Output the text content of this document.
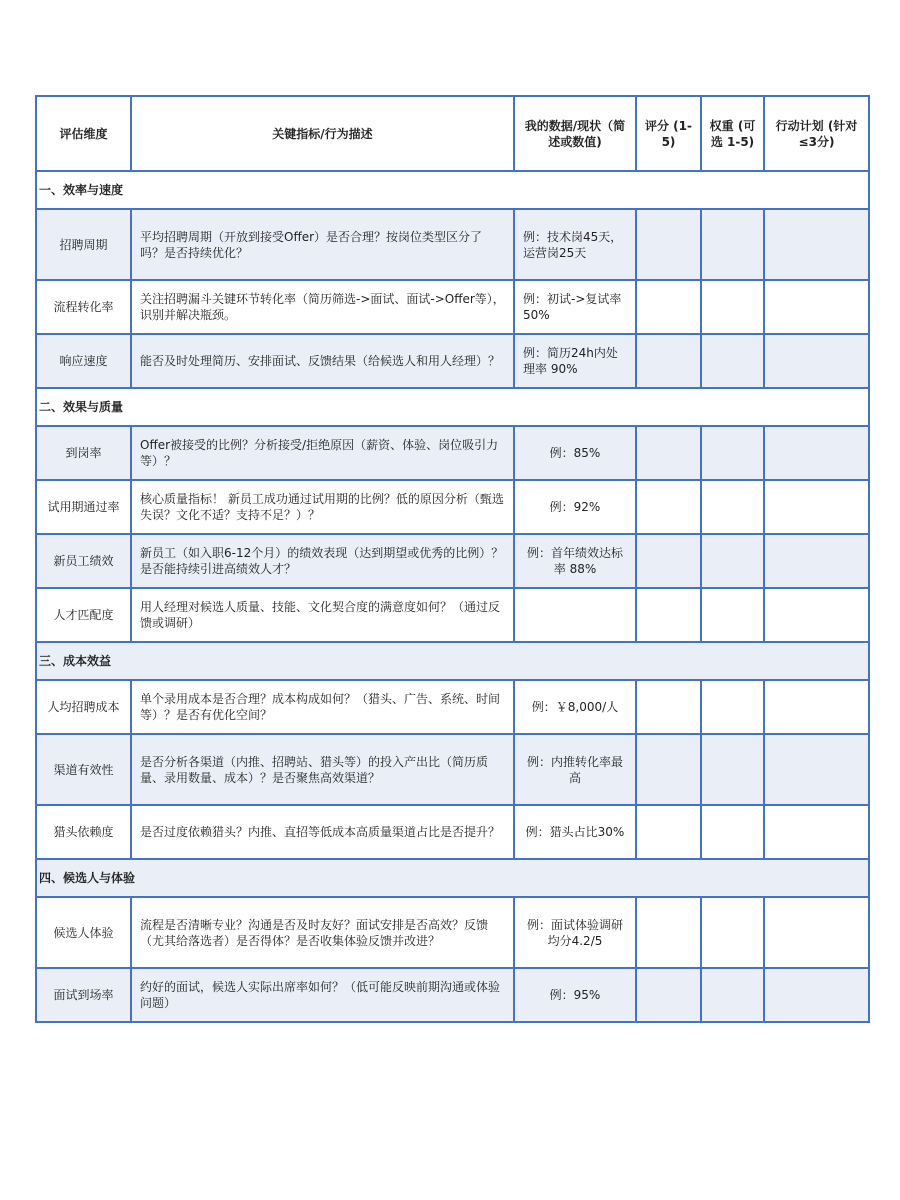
评估维度	关键指标/行为描述	我的数据/现状（简述或数值)	评分 (1-5)	权重 (可选 1-5)	行动计划 (针对≤3分)
一、效率与速度					
招聘周期	平均招聘周期（开放到接受Offer）是否合理？按岗位类型区分了吗？是否持续优化？	例：技术岗45天，运营岗25天			
流程转化率	关注招聘漏斗关键环节转化率（简历筛选->面试、面试->Offer等），识别并解决瓶颈。	例：初试->复试率 50%			
响应速度	能否及时处理简历、安排面试、反馈结果（给候选人和用人经理）？	例：简历24h内处理率 90%			
二、效果与质量					
到岗率	Offer被接受的比例？分析接受/拒绝原因（薪资、体验、岗位吸引力等）？	例：85%			
试用期通过率	核心质量指标！ 新员工成功通过试用期的比例？低的原因分析（甄选失误？文化不适？支持不足？）？	例：92%			
新员工绩效	新员工（如入职6-12个月）的绩效表现（达到期望或优秀的比例）？是否能持续引进高绩效人才？	例：首年绩效达标率 88%			
人才匹配度	用人经理对候选人质量、技能、文化契合度的满意度如何？（通过反馈或调研）				
三、成本效益					
人均招聘成本	单个录用成本是否合理？成本构成如何？（猎头、广告、系统、时间等）？是否有优化空间？	例：￥8,000/人			
渠道有效性	是否分析各渠道（内推、招聘站、猎头等）的投入产出比（简历质量、录用数量、成本）？是否聚焦高效渠道？	例：内推转化率最高			
猎头依赖度	是否过度依赖猎头？内推、直招等低成本高质量渠道占比是否提升？	例：猎头占比30%			
四、候选人与体验					
候选人体验	流程是否清晰专业？沟通是否及时友好？面试安排是否高效？反馈（尤其给落选者）是否得体？是否收集体验反馈并改进？	例：面试体验调研均分4.2/5			
面试到场率	约好的面试，候选人实际出席率如何？（低可能反映前期沟通或体验问题）	例：95%			
